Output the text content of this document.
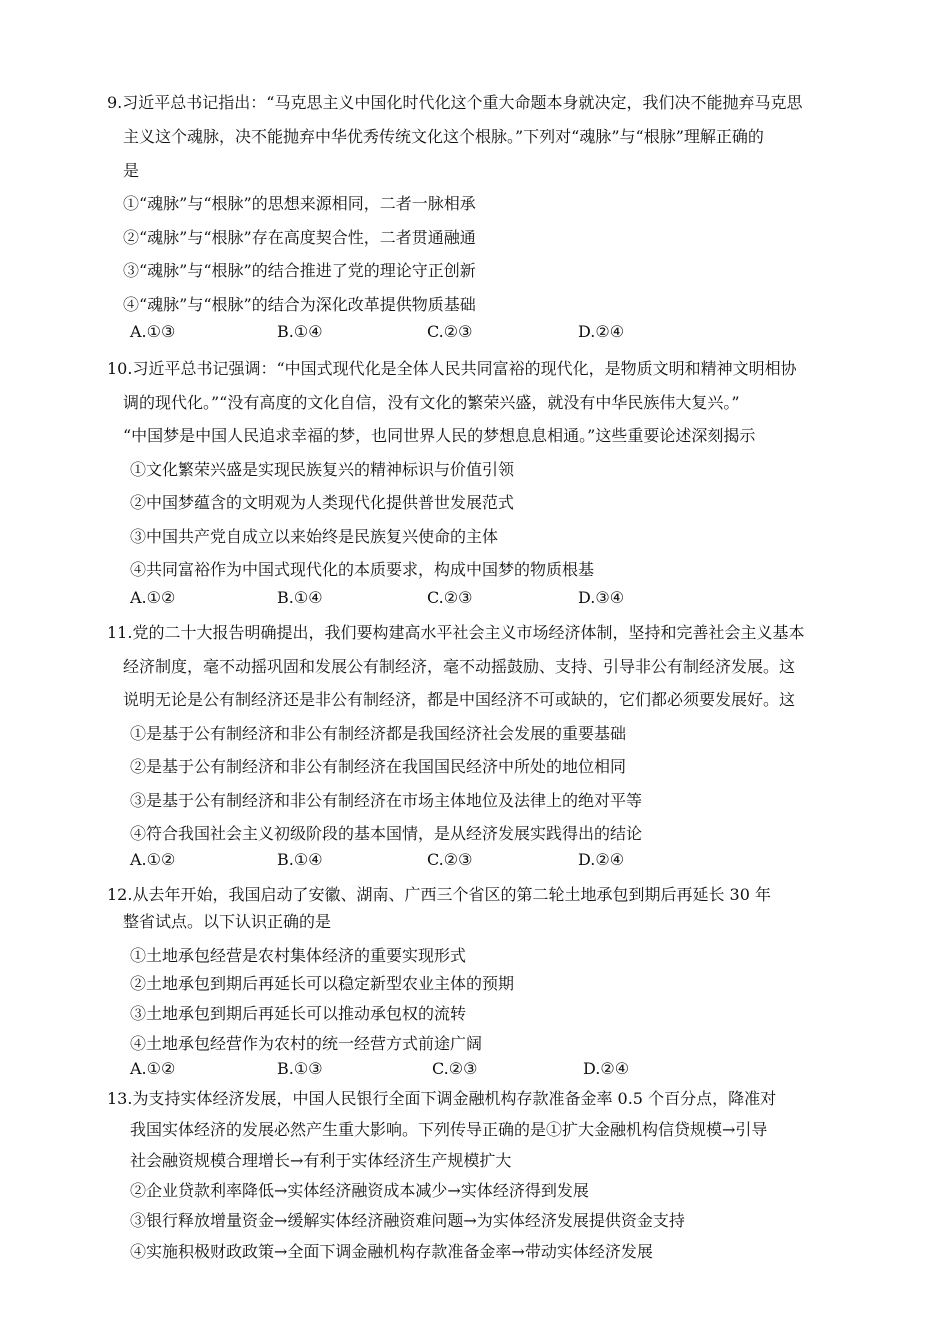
9.习近平总书记指出：“马克思主义中国化时代化这个重大命题本身就决定，我们决不能抛弃马克思
主义这个魂脉，决不能抛弃中华优秀传统文化这个根脉。”下列对“魂脉”与“根脉”理解正确的
是
①“魂脉”与“根脉”的思想来源相同，二者一脉相承
②“魂脉”与“根脉”存在高度契合性，二者贯通融通
③“魂脉”与“根脉”的结合推进了党的理论守正创新
④“魂脉”与“根脉”的结合为深化改革提供物质基础
A.①③	B.①④	C.②③	D.②④
10.习近平总书记强调：“中国式现代化是全体人民共同富裕的现代化，是物质文明和精神文明相协
调的现代化。”“没有高度的文化自信，没有文化的繁荣兴盛，就没有中华民族伟大复兴。”
“中国梦是中国人民追求幸福的梦，也同世界人民的梦想息息相通。”这些重要论述深刻揭示
①文化繁荣兴盛是实现民族复兴的精神标识与价值引领
②中国梦蕴含的文明观为人类现代化提供普世发展范式
③中国共产党自成立以来始终是民族复兴使命的主体
④共同富裕作为中国式现代化的本质要求，构成中国梦的物质根基
A.①②	B.①④	C.②③	D.③④
11.党的二十大报告明确提出，我们要构建高水平社会主义市场经济体制，坚持和完善社会主义基本
经济制度，毫不动摇巩固和发展公有制经济，毫不动摇鼓励、支持、引导非公有制经济发展。这
说明无论是公有制经济还是非公有制经济，都是中国经济不可或缺的，它们都必须要发展好。这
①是基于公有制经济和非公有制经济都是我国经济社会发展的重要基础
②是基于公有制经济和非公有制经济在我国国民经济中所处的地位相同
③是基于公有制经济和非公有制经济在市场主体地位及法律上的绝对平等
④符合我国社会主义初级阶段的基本国情，是从经济发展实践得出的结论
A.①②	B.①④	C.②③	D.②④
12.从去年开始，我国启动了安徽、湖南、广西三个省区的第二轮土地承包到期后再延长 30 年
整省试点。以下认识正确的是
①土地承包经营是农村集体经济的重要实现形式
②土地承包到期后再延长可以稳定新型农业主体的预期
③土地承包到期后再延长可以推动承包权的流转
④土地承包经营作为农村的统一经营方式前途广阔
A.①②	B.①③	C.②③	D.②④
13.为支持实体经济发展，中国人民银行全面下调金融机构存款准备金率 0.5 个百分点，降准对
我国实体经济的发展必然产生重大影响。下列传导正确的是①扩大金融机构信贷规模→引导
社会融资规模合理增长→有利于实体经济生产规模扩大
②企业贷款利率降低→实体经济融资成本减少→实体经济得到发展
③银行释放增量资金→缓解实体经济融资难问题→为实体经济发展提供资金支持
④实施积极财政政策→全面下调金融机构存款准备金率→带动实体经济发展
